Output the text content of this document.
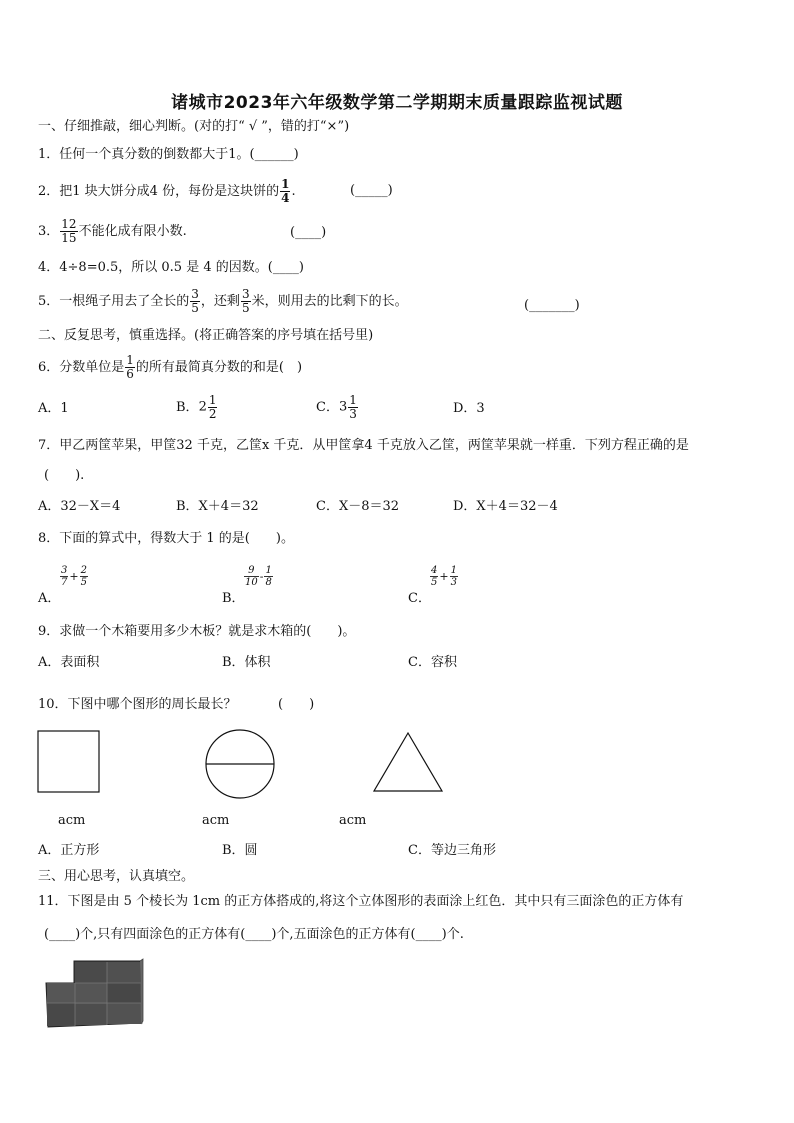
诸城市2023年六年级数学第二学期期末质量跟踪监视试题
一、仔细推敲，细心判断。(对的打“ √ ”，错的打“×”)
1．任何一个真分数的倒数都大于1。(______)
2．把1 块大饼分成4 份，每份是这块饼的 $\frac{1}{4}$ .	(_____)
3． $\frac{12}{15}$ 不能化成有限小数.	(____)
4．4÷8=0.5，所以 0.5 是 4 的因数。(____)
5．一根绳子用去了全长的 $\frac{3}{5}$ ，还剩 $\frac{3}{5}$ 米，则用去的比剩下的长。	(_______)
二、反复思考，慎重选择。(将正确答案的序号填在括号里)
6．分数单位是 $\frac{1}{6}$ 的所有最简真分数的和是(　)
A．1	B．$2 \frac{1}{2}$	C．$3 \frac{1}{3}$	D．3
7．甲乙两筐苹果，甲筐32 千克，乙筐x 千克．从甲筐拿4 千克放入乙筐，两筐苹果就一样重．下列方程正确的是
(　　).
A．32－X＝4	B．X＋4＝32	C．X－8＝32	D．X＋4＝32－4
8．下面的算式中，得数大于 1 的是(　　)。
A．
$\frac{3}{7} + \frac{2}{5}$
B．
$\frac{9}{10} - \frac{1}{8}$
C．
$\frac{4}{5} + \frac{1}{3}$
9．求做一个木箱要用多少木板？就是求木箱的(　　)。
A．表面积	B．体积	C．容积
10．下图中哪个图形的周长最长？	(　　)
acm	acm	acm
A．正方形	B．圆	C．等边三角形
三、用心思考，认真填空。
11．下图是由 5 个棱长为 1cm 的正方体搭成的,将这个立体图形的表面涂上红色．其中只有三面涂色的正方体有
(____)个,只有四面涂色的正方体有(____)个,五面涂色的正方体有(____)个.
